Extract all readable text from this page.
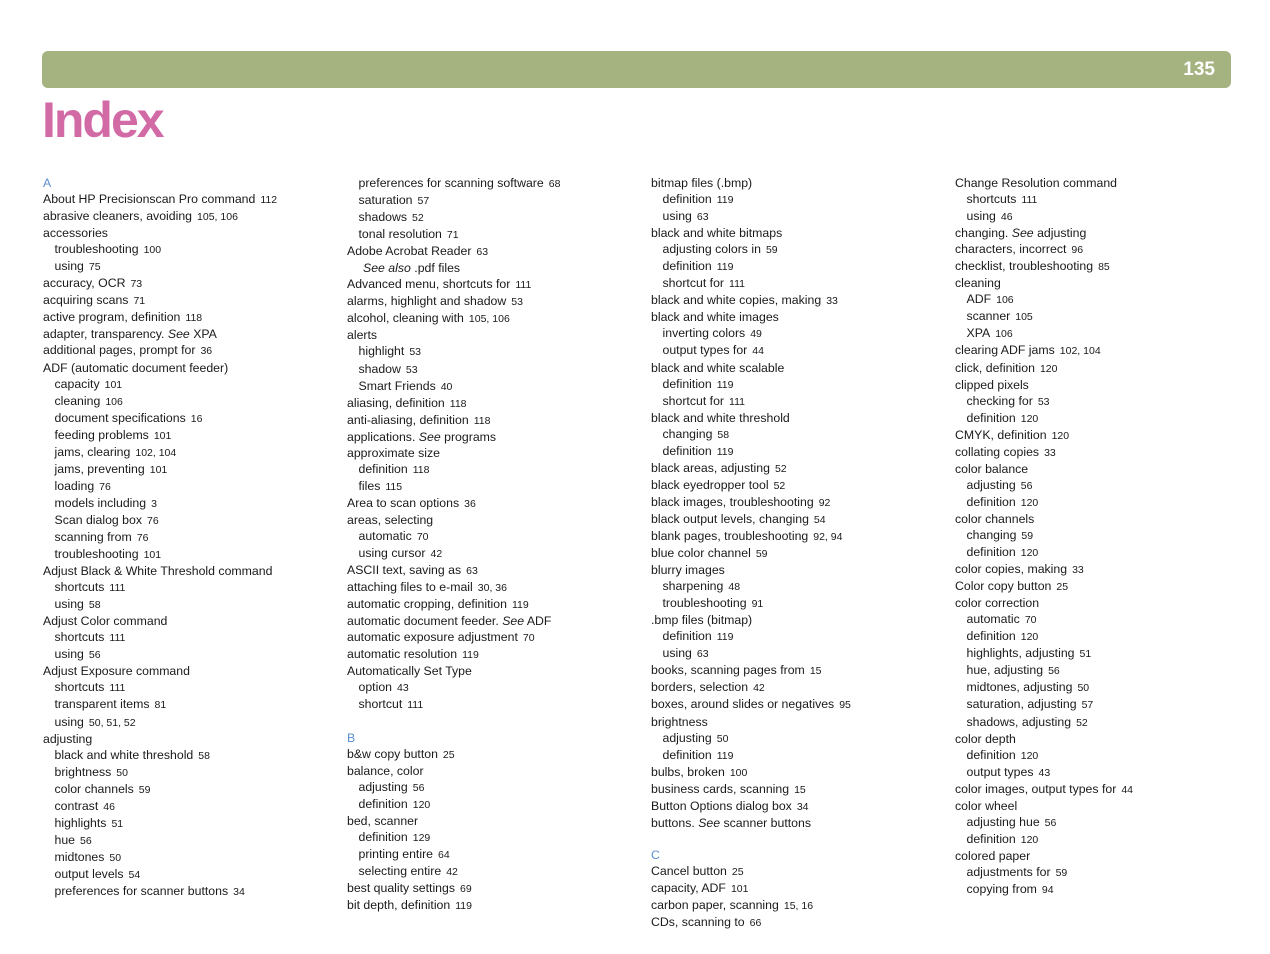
135
Index
A
About HP Precisionscan Pro command 112
abrasive cleaners, avoiding 105, 106
accessories
troubleshooting 100
using 75
accuracy, OCR 73
acquiring scans 71
active program, definition 118
adapter, transparency. See XPA
additional pages, prompt for 36
ADF (automatic document feeder)
capacity 101
cleaning 106
document specifications 16
feeding problems 101
jams, clearing 102, 104
jams, preventing 101
loading 76
models including 3
Scan dialog box 76
scanning from 76
troubleshooting 101
Adjust Black & White Threshold command
shortcuts 111
using 58
Adjust Color command
shortcuts 111
using 56
Adjust Exposure command
shortcuts 111
transparent items 81
using 50, 51, 52
adjusting
black and white threshold 58
brightness 50
color channels 59
contrast 46
highlights 51
hue 56
midtones 50
output levels 54
preferences for scanner buttons 34
preferences for scanning software 68
saturation 57
shadows 52
tonal resolution 71
Adobe Acrobat Reader 63
See also .pdf files
Advanced menu, shortcuts for 111
alarms, highlight and shadow 53
alcohol, cleaning with 105, 106
alerts
highlight 53
shadow 53
Smart Friends 40
aliasing, definition 118
anti-aliasing, definition 118
applications. See programs
approximate size
definition 118
files 115
Area to scan options 36
areas, selecting
automatic 70
using cursor 42
ASCII text, saving as 63
attaching files to e-mail 30, 36
automatic cropping, definition 119
automatic document feeder. See ADF
automatic exposure adjustment 70
automatic resolution 119
Automatically Set Type
option 43
shortcut 111
B
b&w copy button 25
balance, color
adjusting 56
definition 120
bed, scanner
definition 129
printing entire 64
selecting entire 42
best quality settings 69
bit depth, definition 119
bitmap files (.bmp)
definition 119
using 63
black and white bitmaps
adjusting colors in 59
definition 119
shortcut for 111
black and white copies, making 33
black and white images
inverting colors 49
output types for 44
black and white scalable
definition 119
shortcut for 111
black and white threshold
changing 58
definition 119
black areas, adjusting 52
black eyedropper tool 52
black images, troubleshooting 92
black output levels, changing 54
blank pages, troubleshooting 92, 94
blue color channel 59
blurry images
sharpening 48
troubleshooting 91
.bmp files (bitmap)
definition 119
using 63
books, scanning pages from 15
borders, selection 42
boxes, around slides or negatives 95
brightness
adjusting 50
definition 119
bulbs, broken 100
business cards, scanning 15
Button Options dialog box 34
buttons. See scanner buttons
C
Cancel button 25
capacity, ADF 101
carbon paper, scanning 15, 16
CDs, scanning to 66
Change Resolution command
shortcuts 111
using 46
changing. See adjusting
characters, incorrect 96
checklist, troubleshooting 85
cleaning
ADF 106
scanner 105
XPA 106
clearing ADF jams 102, 104
click, definition 120
clipped pixels
checking for 53
definition 120
CMYK, definition 120
collating copies 33
color balance
adjusting 56
definition 120
color channels
changing 59
definition 120
color copies, making 33
Color copy button 25
color correction
automatic 70
definition 120
highlights, adjusting 51
hue, adjusting 56
midtones, adjusting 50
saturation, adjusting 57
shadows, adjusting 52
color depth
definition 120
output types 43
color images, output types for 44
color wheel
adjusting hue 56
definition 120
colored paper
adjustments for 59
copying from 94
